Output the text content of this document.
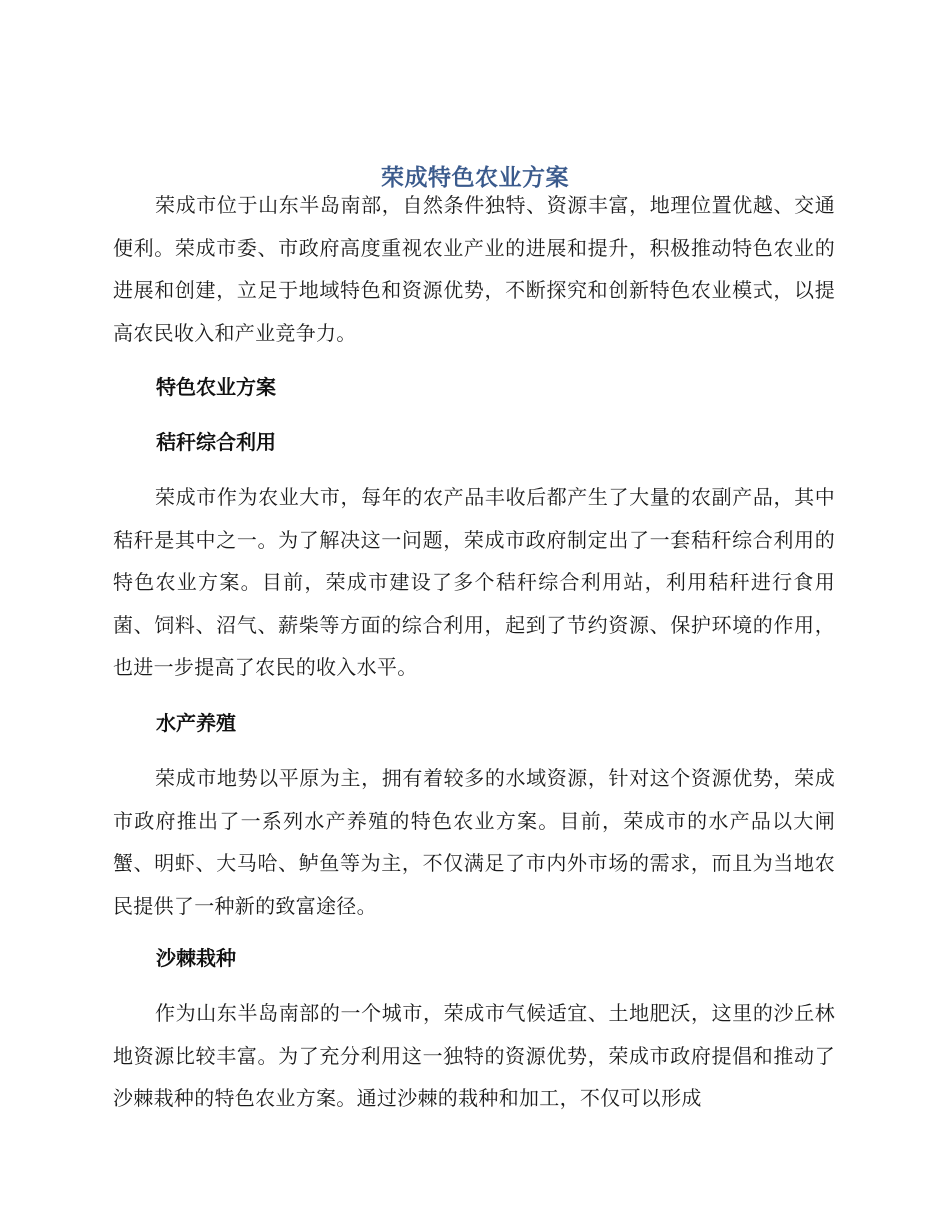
荣成特色农业方案

荣成市位于山东半岛南部，自然条件独特、资源丰富，地理位置优越、交通便利。荣成市委、市政府高度重视农业产业的进展和提升，积极推动特色农业的进展和创建，立足于地域特色和资源优势，不断探究和创新特色农业模式，以提高农民收入和产业竞争力。

特色农业方案
秸秆综合利用

荣成市作为农业大市，每年的农产品丰收后都产生了大量的农副产品，其中秸秆是其中之一。为了解决这一问题，荣成市政府制定出了一套秸秆综合利用的特色农业方案。目前，荣成市建设了多个秸秆综合利用站，利用秸秆进行食用菌、饲料、沼气、薪柴等方面的综合利用，起到了节约资源、保护环境的作用，也进一步提高了农民的收入水平。

水产养殖

荣成市地势以平原为主，拥有着较多的水域资源，针对这个资源优势，荣成市政府推出了一系列水产养殖的特色农业方案。目前，荣成市的水产品以大闸蟹、明虾、大马哈、鲈鱼等为主，不仅满足了市内外市场的需求，而且为当地农民提供了一种新的致富途径。

沙棘栽种

作为山东半岛南部的一个城市，荣成市气候适宜、土地肥沃，这里的沙丘林地资源比较丰富。为了充分利用这一独特的资源优势，荣成市政府提倡和推动了沙棘栽种的特色农业方案。通过沙棘的栽种和加工，不仅可以形成
